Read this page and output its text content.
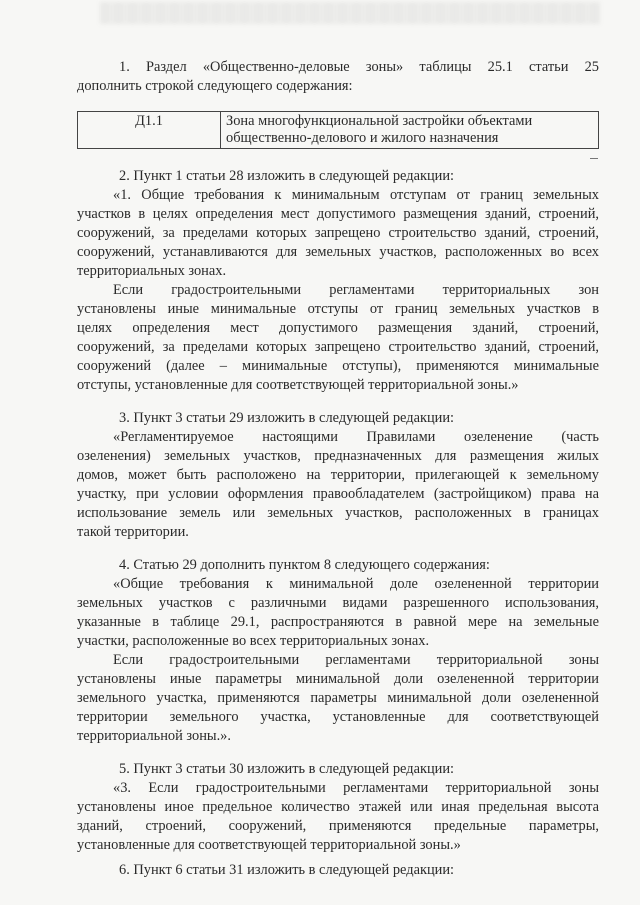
1. Раздел «Общественно-деловые зоны» таблицы 25.1 статьи 25

дополнить строкой следующего содержания:

Д1.1	Зона многофункциональной застройки объектами
общественно-делового и жилого назначения

2. Пункт 1 статьи 28 изложить в следующей редакции:

«1. Общие требования к минимальным отступам от границ земельных

участков в целях определения мест допустимого размещения зданий, строений,

сооружений, за пределами которых запрещено строительство зданий, строений,

сооружений, устанавливаются для земельных участков, расположенных во всех

территориальных зонах.

Если градостроительными регламентами территориальных зон

установлены иные минимальные отступы от границ земельных участков в

целях определения мест допустимого размещения зданий, строений,

сооружений, за пределами которых запрещено строительство зданий, строений,

сооружений (далее – минимальные отступы), применяются минимальные

отступы, установленные для соответствующей территориальной зоны.»

3. Пункт 3 статьи 29 изложить в следующей редакции:

«Регламентируемое настоящими Правилами озеленение (часть

озеленения) земельных участков, предназначенных для размещения жилых

домов, может быть расположено на территории, прилегающей к земельному

участку, при условии оформления правообладателем (застройщиком) права на

использование земель или земельных участков, расположенных в границах

такой территории.

4. Статью 29 дополнить пунктом 8 следующего содержания:

«Общие требования к минимальной доле озелененной территории

земельных участков с различными видами разрешенного использования,

указанные в таблице 29.1, распространяются в равной мере на земельные

участки, расположенные во всех территориальных зонах.

Если градостроительными регламентами территориальной зоны

установлены иные параметры минимальной доли озелененной территории

земельного участка, применяются параметры минимальной доли озелененной

территории земельного участка, установленные для соответствующей

территориальной зоны.».

5. Пункт 3 статьи 30 изложить в следующей редакции:

«3. Если градостроительными регламентами территориальной зоны

установлены иное предельное количество этажей или иная предельная высота

зданий, строений, сооружений, применяются предельные параметры,

установленные для соответствующей территориальной зоны.»

6. Пункт 6 статьи 31 изложить в следующей редакции:
